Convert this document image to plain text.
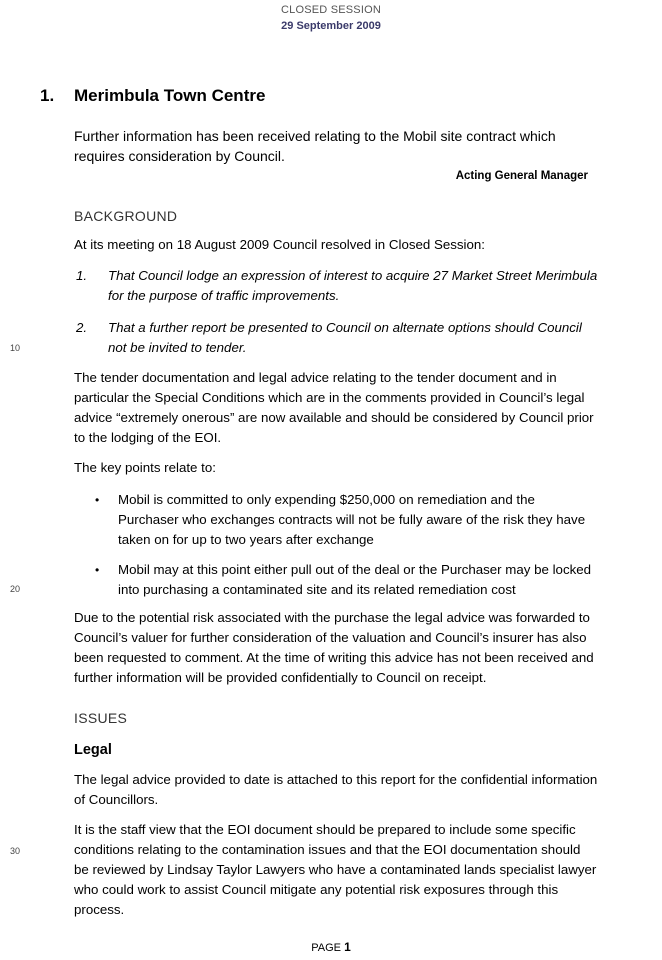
CLOSED SESSION
29 September 2009
1. Merimbula Town Centre
Further information has been received relating to the Mobil site contract which requires consideration by Council.
Acting General Manager
BACKGROUND
At its meeting on 18 August 2009 Council resolved in Closed Session:
1. That Council lodge an expression of interest to acquire 27 Market Street Merimbula for the purpose of traffic improvements.
2. That a further report be presented to Council on alternate options should Council not be invited to tender.
10
The tender documentation and legal advice relating to the tender document and in particular the Special Conditions which are in the comments provided in Council’s legal advice “extremely onerous” are now available and should be considered by Council prior to the lodging of the EOI.
The key points relate to:
• Mobil is committed to only expending $250,000 on remediation and the Purchaser who exchanges contracts will not be fully aware of the risk they have taken on for up to two years after exchange
• Mobil may at this point either pull out of the deal or the Purchaser may be locked into purchasing a contaminated site and its related remediation cost
20
Due to the potential risk associated with the purchase the legal advice was forwarded to Council’s valuer for further consideration of the valuation and Council’s insurer has also been requested to comment. At the time of writing this advice has not been received and further information will be provided confidentially to Council on receipt.
ISSUES
Legal
The legal advice provided to date is attached to this report for the confidential information of Councillors.
It is the staff view that the EOI document should be prepared to include some specific conditions relating to the contamination issues and that the EOI documentation should be reviewed by Lindsay Taylor Lawyers who have a contaminated lands specialist lawyer who could work to assist Council mitigate any potential risk exposures through this process.
30
PAGE 1
